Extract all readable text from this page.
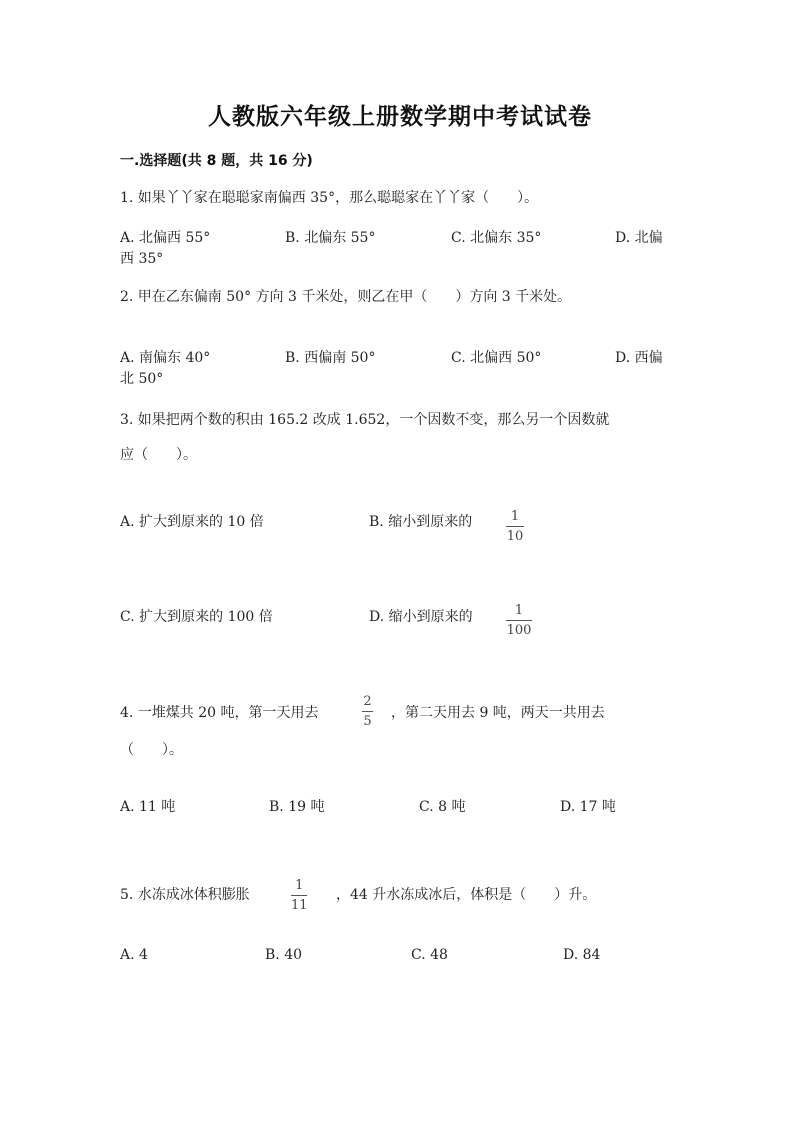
人教版六年级上册数学期中考试试卷
一.选择题(共 8 题，共 16 分)
1. 如果丫丫家在聪聪家南偏西 35°，那么聪聪家在丫丫家（　　）。
A. 北偏西 55°	B. 北偏东 55°	C. 北偏东 35°	D. 北偏
西 35°
2. 甲在乙东偏南 50° 方向 3 千米处，则乙在甲（　　）方向 3 千米处。
A. 南偏东 40°	B. 西偏南 50°	C. 北偏西 50°	D. 西偏
北 50°
3. 如果把两个数的积由 165.2 改成 1.652，一个因数不变，那么另一个因数就
应（　　）。
A. 扩大到原来的 10 倍	B. 缩小到原来的	1
10
C. 扩大到原来的 100 倍	D. 缩小到原来的	1
100
4. 一堆煤共 20 吨，第一天用去
2
5
，第二天用去 9 吨，两天一共用去
（　　）。
A. 11 吨	B. 19 吨	C. 8 吨	D. 17 吨
5. 水冻成冰体积膨胀
1
11
，44 升水冻成冰后，体积是（　　）升。
A. 4	B. 40	C. 48	D. 84
